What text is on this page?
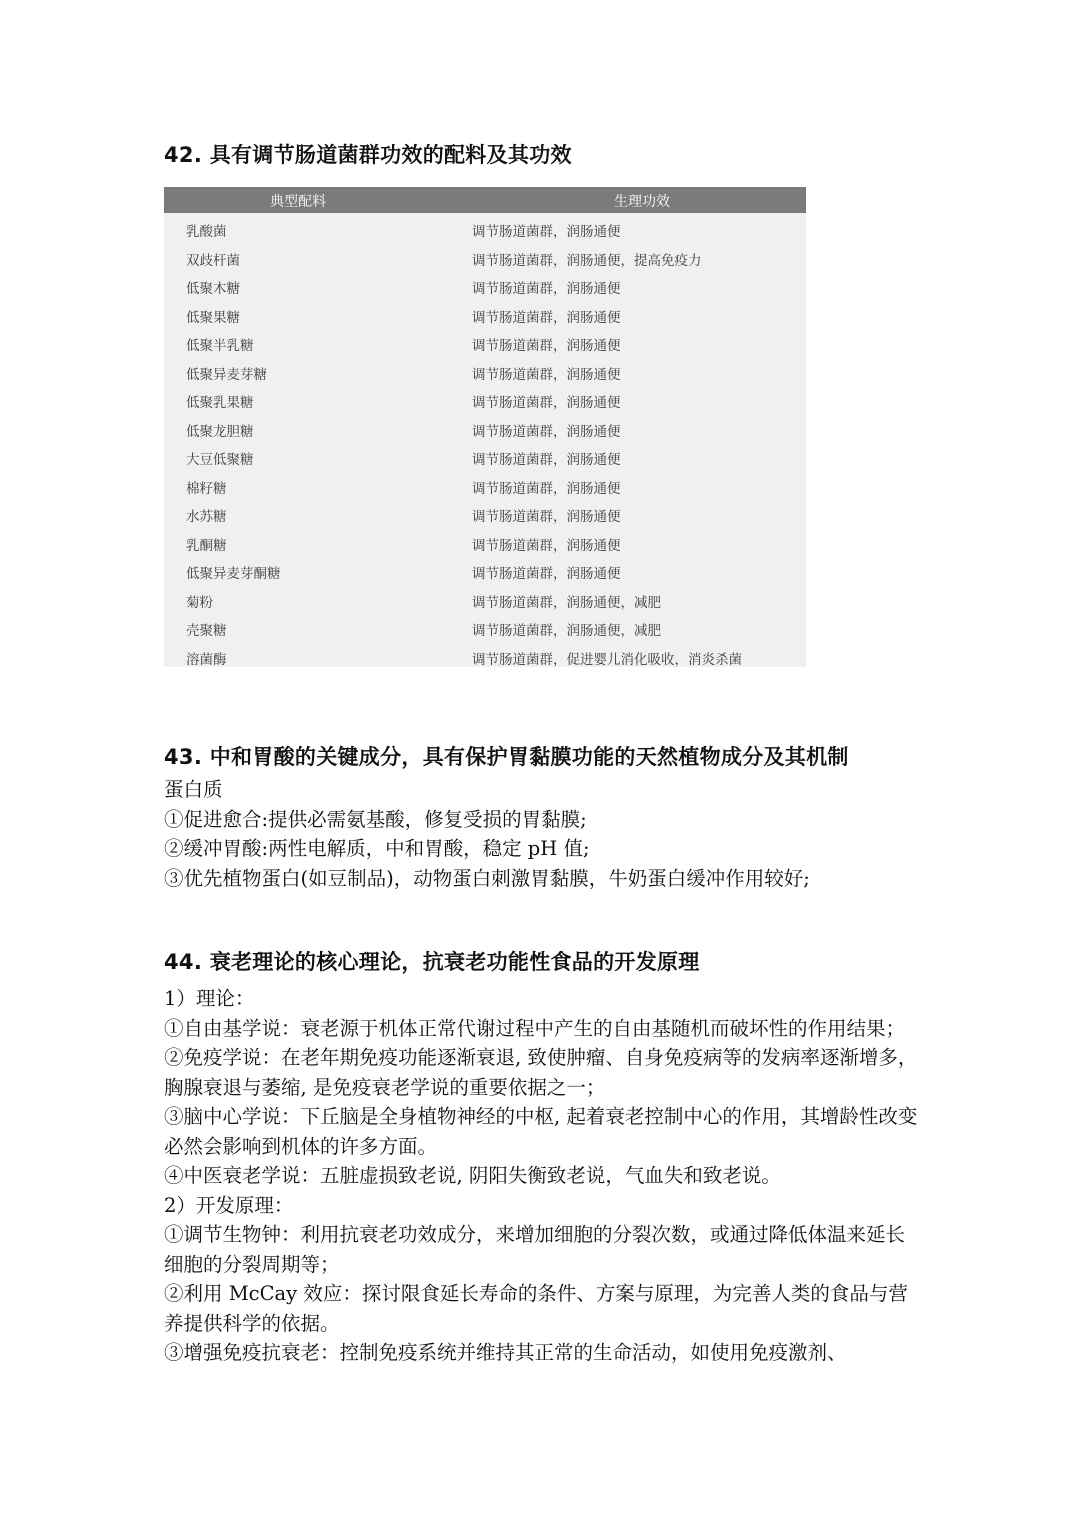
42. 具有调节肠道菌群功效的配料及其功效
典型配料	生理功效
乳酸菌	调节肠道菌群，润肠通便
双歧杆菌	调节肠道菌群，润肠通便，提高免疫力
低聚木糖	调节肠道菌群，润肠通便
低聚果糖	调节肠道菌群，润肠通便
低聚半乳糖	调节肠道菌群，润肠通便
低聚异麦芽糖	调节肠道菌群，润肠通便
低聚乳果糖	调节肠道菌群，润肠通便
低聚龙胆糖	调节肠道菌群，润肠通便
大豆低聚糖	调节肠道菌群，润肠通便
棉籽糖	调节肠道菌群，润肠通便
水苏糖	调节肠道菌群，润肠通便
乳酮糖	调节肠道菌群，润肠通便
低聚异麦芽酮糖	调节肠道菌群，润肠通便
菊粉	调节肠道菌群，润肠通便，减肥
壳聚糖	调节肠道菌群，润肠通便，减肥
溶菌酶	调节肠道菌群，促进婴儿消化吸收，消炎杀菌
43. 中和胃酸的关键成分，具有保护胃黏膜功能的天然植物成分及其机制

蛋白质

①促进愈合:提供必需氨基酸，修复受损的胃黏膜;

②缓冲胃酸:两性电解质，中和胃酸，稳定 pH 值;

③优先植物蛋白(如豆制品)，动物蛋白刺激胃黏膜，牛奶蛋白缓冲作用较好;

44. 衰老理论的核心理论，抗衰老功能性食品的开发原理

1）理论：

①自由基学说：衰老源于机体正常代谢过程中产生的自由基随机而破坏性的作用结果；

②免疫学说：在老年期免疫功能逐渐衰退, 致使肿瘤、自身免疫病等的发病率逐渐增多，胸腺衰退与萎缩, 是免疫衰老学说的重要依据之一；

③脑中心学说：下丘脑是全身植物神经的中枢, 起着衰老控制中心的作用，其增龄性改变必然会影响到机体的许多方面。

④中医衰老学说：五脏虚损致老说, 阴阳失衡致老说，气血失和致老说。

2）开发原理：

①调节生物钟：利用抗衰老功效成分，来增加细胞的分裂次数，或通过降低体温来延长细胞的分裂周期等；

②利用 McCay 效应：探讨限食延长寿命的条件、方案与原理，为完善人类的食品与营养提供科学的依据。

③增强免疫抗衰老：控制免疫系统并维持其正常的生命活动，如使用免疫激剂、
